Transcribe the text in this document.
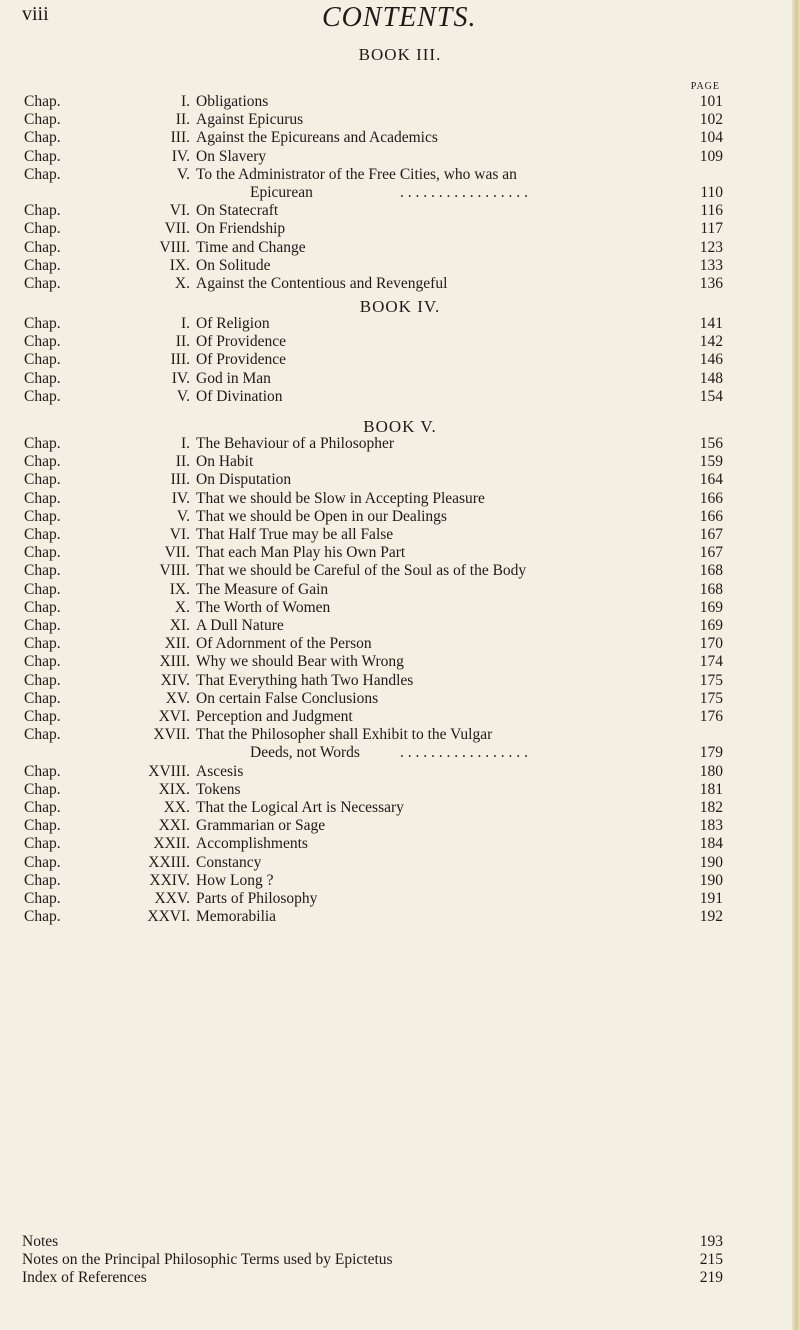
viii	CONTENTS.
PAGE
BOOK III.
BOOK IV.
BOOK V.
Chap.	I. Obligations	101
Chap.	II. Against Epicurus	102
Chap.	III. Against the Epicureans and Academics	104
Chap.	IV. On Slavery	109
Chap.	V. To the Administrator of the Free Cities, who was an
Epicurean	110
. . . . . . . . . . . . . . . . .
Chap.	VI. On Statecraft	116
Chap.	VII. On Friendship	117
Chap.	VIII. Time and Change	123
Chap.	IX. On Solitude	133
Chap.	X. Against the Contentious and Revengeful	136
Chap.	I. Of Religion	141
Chap.	II. Of Providence	142
Chap.	III. Of Providence	146
Chap.	IV. God in Man	148
Chap.	V. Of Divination	154
Chap.	I. The Behaviour of a Philosopher	156
Chap.	II. On Habit	159
Chap.	III. On Disputation	164
Chap.	IV. That we should be Slow in Accepting Pleasure	166
Chap.	V. That we should be Open in our Dealings	166
Chap.	VI. That Half True may be all False	167
Chap.	VII. That each Man Play his Own Part	167
Chap.	VIII. That we should be Careful of the Soul as of the Body	168
Chap.	IX. The Measure of Gain	168
Chap.	X. The Worth of Women	169
Chap.	XI. A Dull Nature	169
Chap.	XII. Of Adornment of the Person	170
Chap.	XIII. Why we should Bear with Wrong	174
Chap.	XIV. That Everything hath Two Handles	175
Chap.	XV. On certain False Conclusions	175
Chap.	XVI. Perception and Judgment	176
Chap.	XVII. That the Philosopher shall Exhibit to the Vulgar
Deeds, not Words	179
. . . . . . . . . . . . . . . . .
Chap.	XVIII. Ascesis	180
Chap.	XIX. Tokens	181
Chap.	XX. That the Logical Art is Necessary	182
Chap.	XXI. Grammarian or Sage	183
Chap.	XXII. Accomplishments	184
Chap.	XXIII. Constancy	190
Chap.	XXIV. How Long ?	190
Chap.	XXV. Parts of Philosophy	191
Chap.	XXVI. Memorabilia	192
Notes	193
Notes on the Principal Philosophic Terms used by Epictetus	215
Index of References	219
